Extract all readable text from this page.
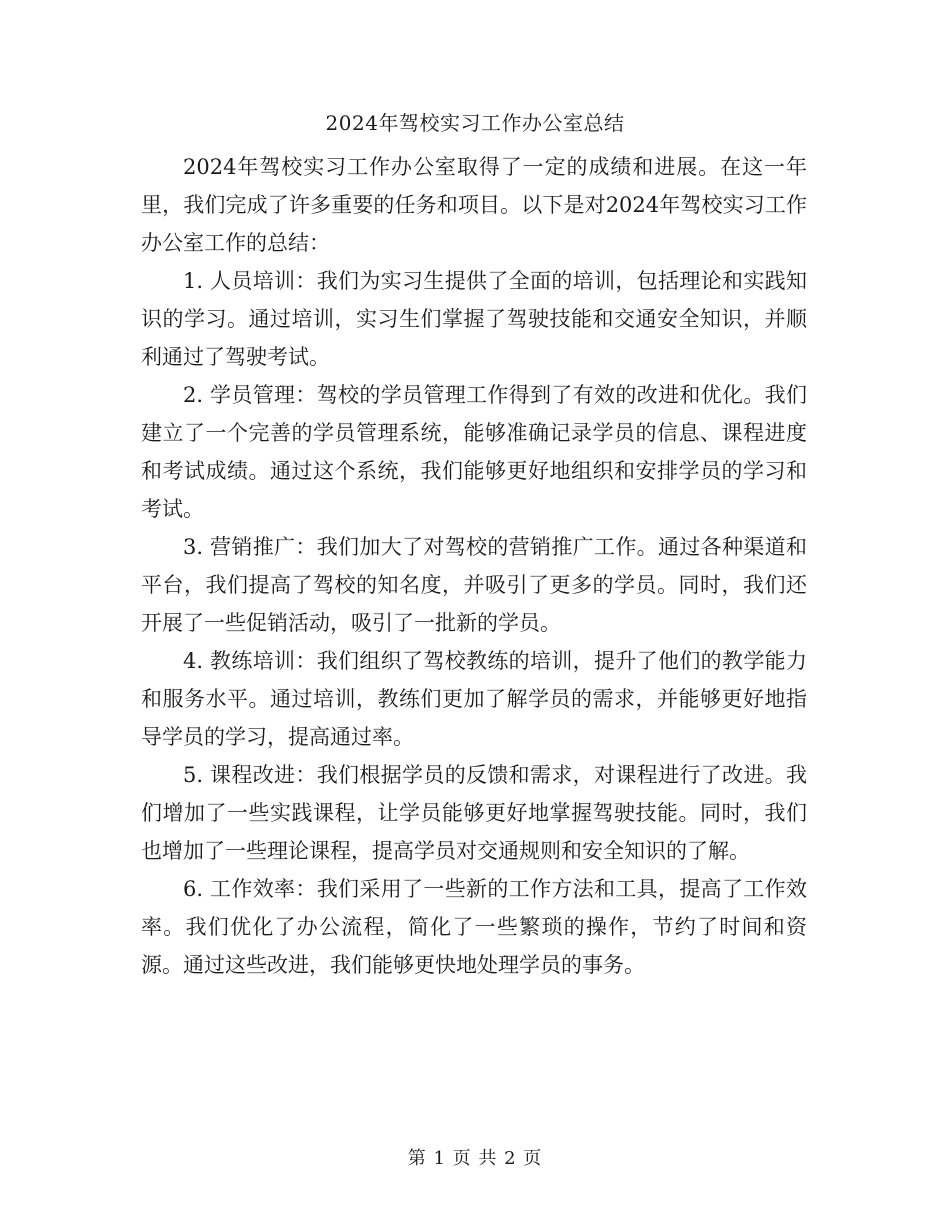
2024年驾校实习工作办公室总结

2024年驾校实习工作办公室取得了一定的成绩和进展。在这一年里，我们完成了许多重要的任务和项目。以下是对2024年驾校实习工作办公室工作的总结：

1. 人员培训：我们为实习生提供了全面的培训，包括理论和实践知识的学习。通过培训，实习生们掌握了驾驶技能和交通安全知识，并顺利通过了驾驶考试。

2. 学员管理：驾校的学员管理工作得到了有效的改进和优化。我们建立了一个完善的学员管理系统，能够准确记录学员的信息、课程进度和考试成绩。通过这个系统，我们能够更好地组织和安排学员的学习和考试。

3. 营销推广：我们加大了对驾校的营销推广工作。通过各种渠道和平台，我们提高了驾校的知名度，并吸引了更多的学员。同时，我们还开展了一些促销活动，吸引了一批新的学员。

4. 教练培训：我们组织了驾校教练的培训，提升了他们的教学能力和服务水平。通过培训，教练们更加了解学员的需求，并能够更好地指导学员的学习，提高通过率。

5. 课程改进：我们根据学员的反馈和需求，对课程进行了改进。我们增加了一些实践课程，让学员能够更好地掌握驾驶技能。同时，我们也增加了一些理论课程，提高学员对交通规则和安全知识的了解。

6. 工作效率：我们采用了一些新的工作方法和工具，提高了工作效率。我们优化了办公流程，简化了一些繁琐的操作，节约了时间和资源。通过这些改进，我们能够更快地处理学员的事务。

第 1 页 共 2 页
